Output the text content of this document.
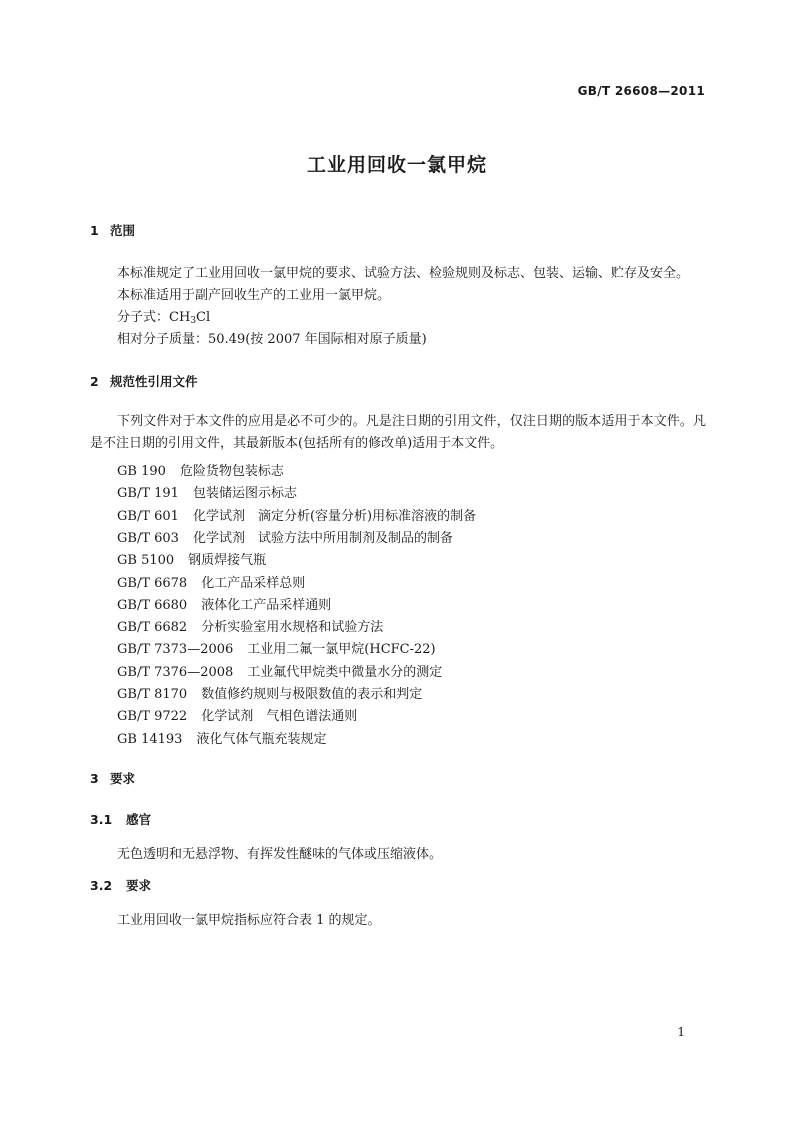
GB/T 26608—2011
工业用回收一氯甲烷
1 范围
本标准规定了工业用回收一氯甲烷的要求、试验方法、检验规则及标志、包装、运输、贮存及安全。
本标准适用于副产回收生产的工业用一氯甲烷。
分子式：$CH_3Cl$
相对分子质量：50.49(按 2007 年国际相对原子质量)
2 规范性引用文件

下列文件对于本文件的应用是必不可少的。凡是注日期的引用文件，仅注日期的版本适用于本文件。凡是不注日期的引用文件，其最新版本(包括所有的修改单)适用于本文件。

GB 190 危险货物包装标志
GB/T 191 包装储运图示标志
GB/T 601 化学试剂　滴定分析(容量分析)用标准溶液的制备
GB/T 603 化学试剂　试验方法中所用制剂及制品的制备
GB 5100 钢质焊接气瓶
GB/T 6678 化工产品采样总则
GB/T 6680 液体化工产品采样通则
GB/T 6682 分析实验室用水规格和试验方法
GB/T 7373—2006 工业用二氟一氯甲烷(HCFC-22)
GB/T 7376—2008 工业氟代甲烷类中微量水分的测定
GB/T 8170 数值修约规则与极限数值的表示和判定
GB/T 9722 化学试剂　气相色谱法通则
GB 14193 液化气体气瓶充装规定
3 要求
3.1 感官
无色透明和无悬浮物、有挥发性醚味的气体或压缩液体。
3.2 要求
工业用回收一氯甲烷指标应符合表 1 的规定。
1
